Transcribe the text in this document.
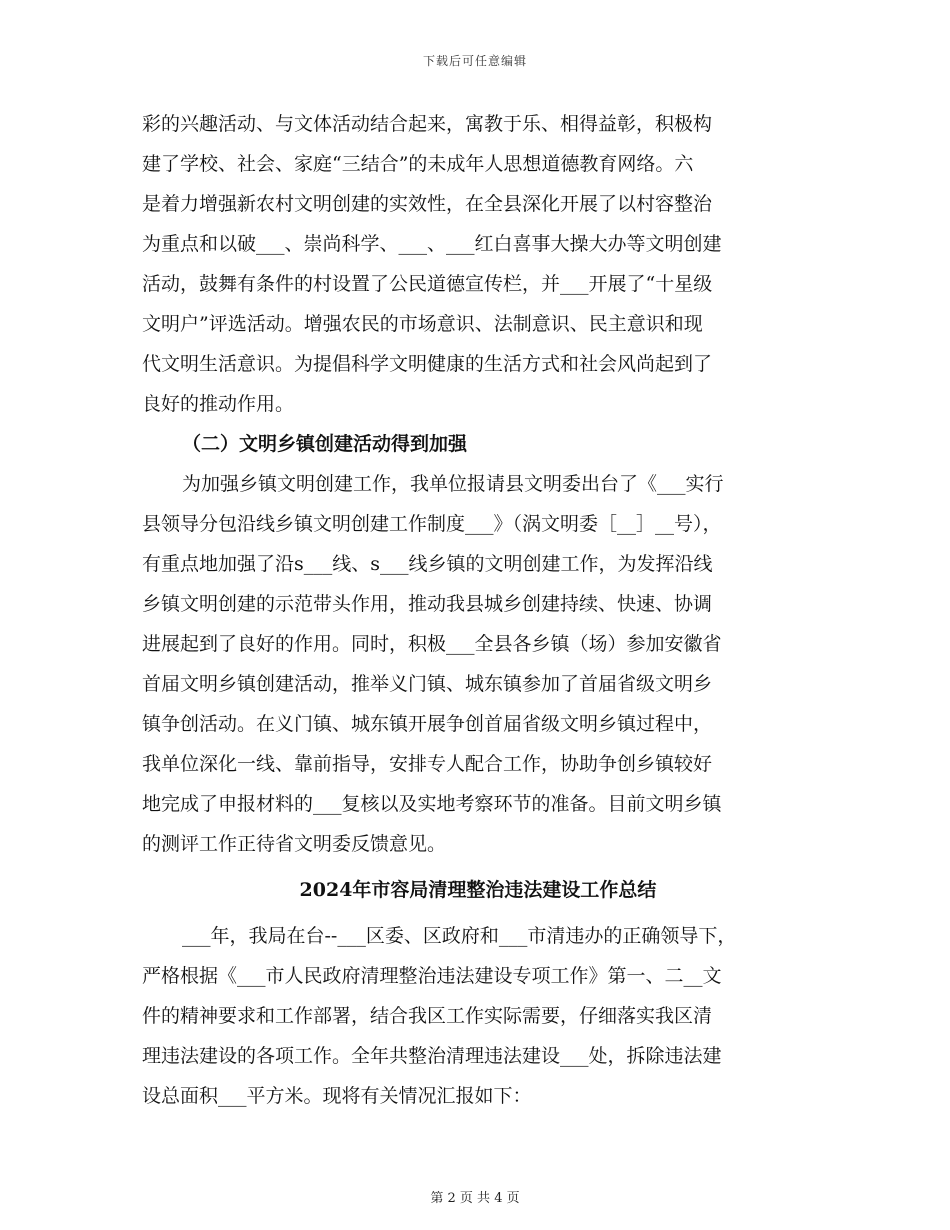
下载后可任意编辑
彩的兴趣活动、与文体活动结合起来，寓教于乐、相得益彰，积极构
建了学校、社会、家庭“三结合”的未成年人思想道德教育网络。六
是着力增强新农村文明创建的实效性，在全县深化开展了以村容整治
为重点和以破___、崇尚科学、___、___红白喜事大操大办等文明创建
活动，鼓舞有条件的村设置了公民道德宣传栏，并___开展了“十星级
文明户”评选活动。增强农民的市场意识、法制意识、民主意识和现
代文明生活意识。为提倡科学文明健康的生活方式和社会风尚起到了
良好的推动作用。
（二）文明乡镇创建活动得到加强
为加强乡镇文明创建工作，我单位报请县文明委出台了《___实行
县领导分包沿线乡镇文明创建工作制度___》（涡文明委［__］__号），
有重点地加强了沿s___线、s___线乡镇的文明创建工作，为发挥沿线
乡镇文明创建的示范带头作用，推动我县城乡创建持续、快速、协调
进展起到了良好的作用。同时，积极___全县各乡镇（场）参加安徽省
首届文明乡镇创建活动，推举义门镇、城东镇参加了首届省级文明乡
镇争创活动。在义门镇、城东镇开展争创首届省级文明乡镇过程中，
我单位深化一线、靠前指导，安排专人配合工作，协助争创乡镇较好
地完成了申报材料的___复核以及实地考察环节的准备。目前文明乡镇
的测评工作正待省文明委反馈意见。
2024年市容局清理整治违法建设工作总结
___年，我局在台--___区委、区政府和___市清违办的正确领导下，
严格根据《___市人民政府清理整治违法建设专项工作》第一、二__文
件的精神要求和工作部署，结合我区工作实际需要，仔细落实我区清
理违法建设的各项工作。全年共整治清理违法建设___处，拆除违法建
设总面积___平方米。现将有关情况汇报如下：
第 2 页 共 4 页
